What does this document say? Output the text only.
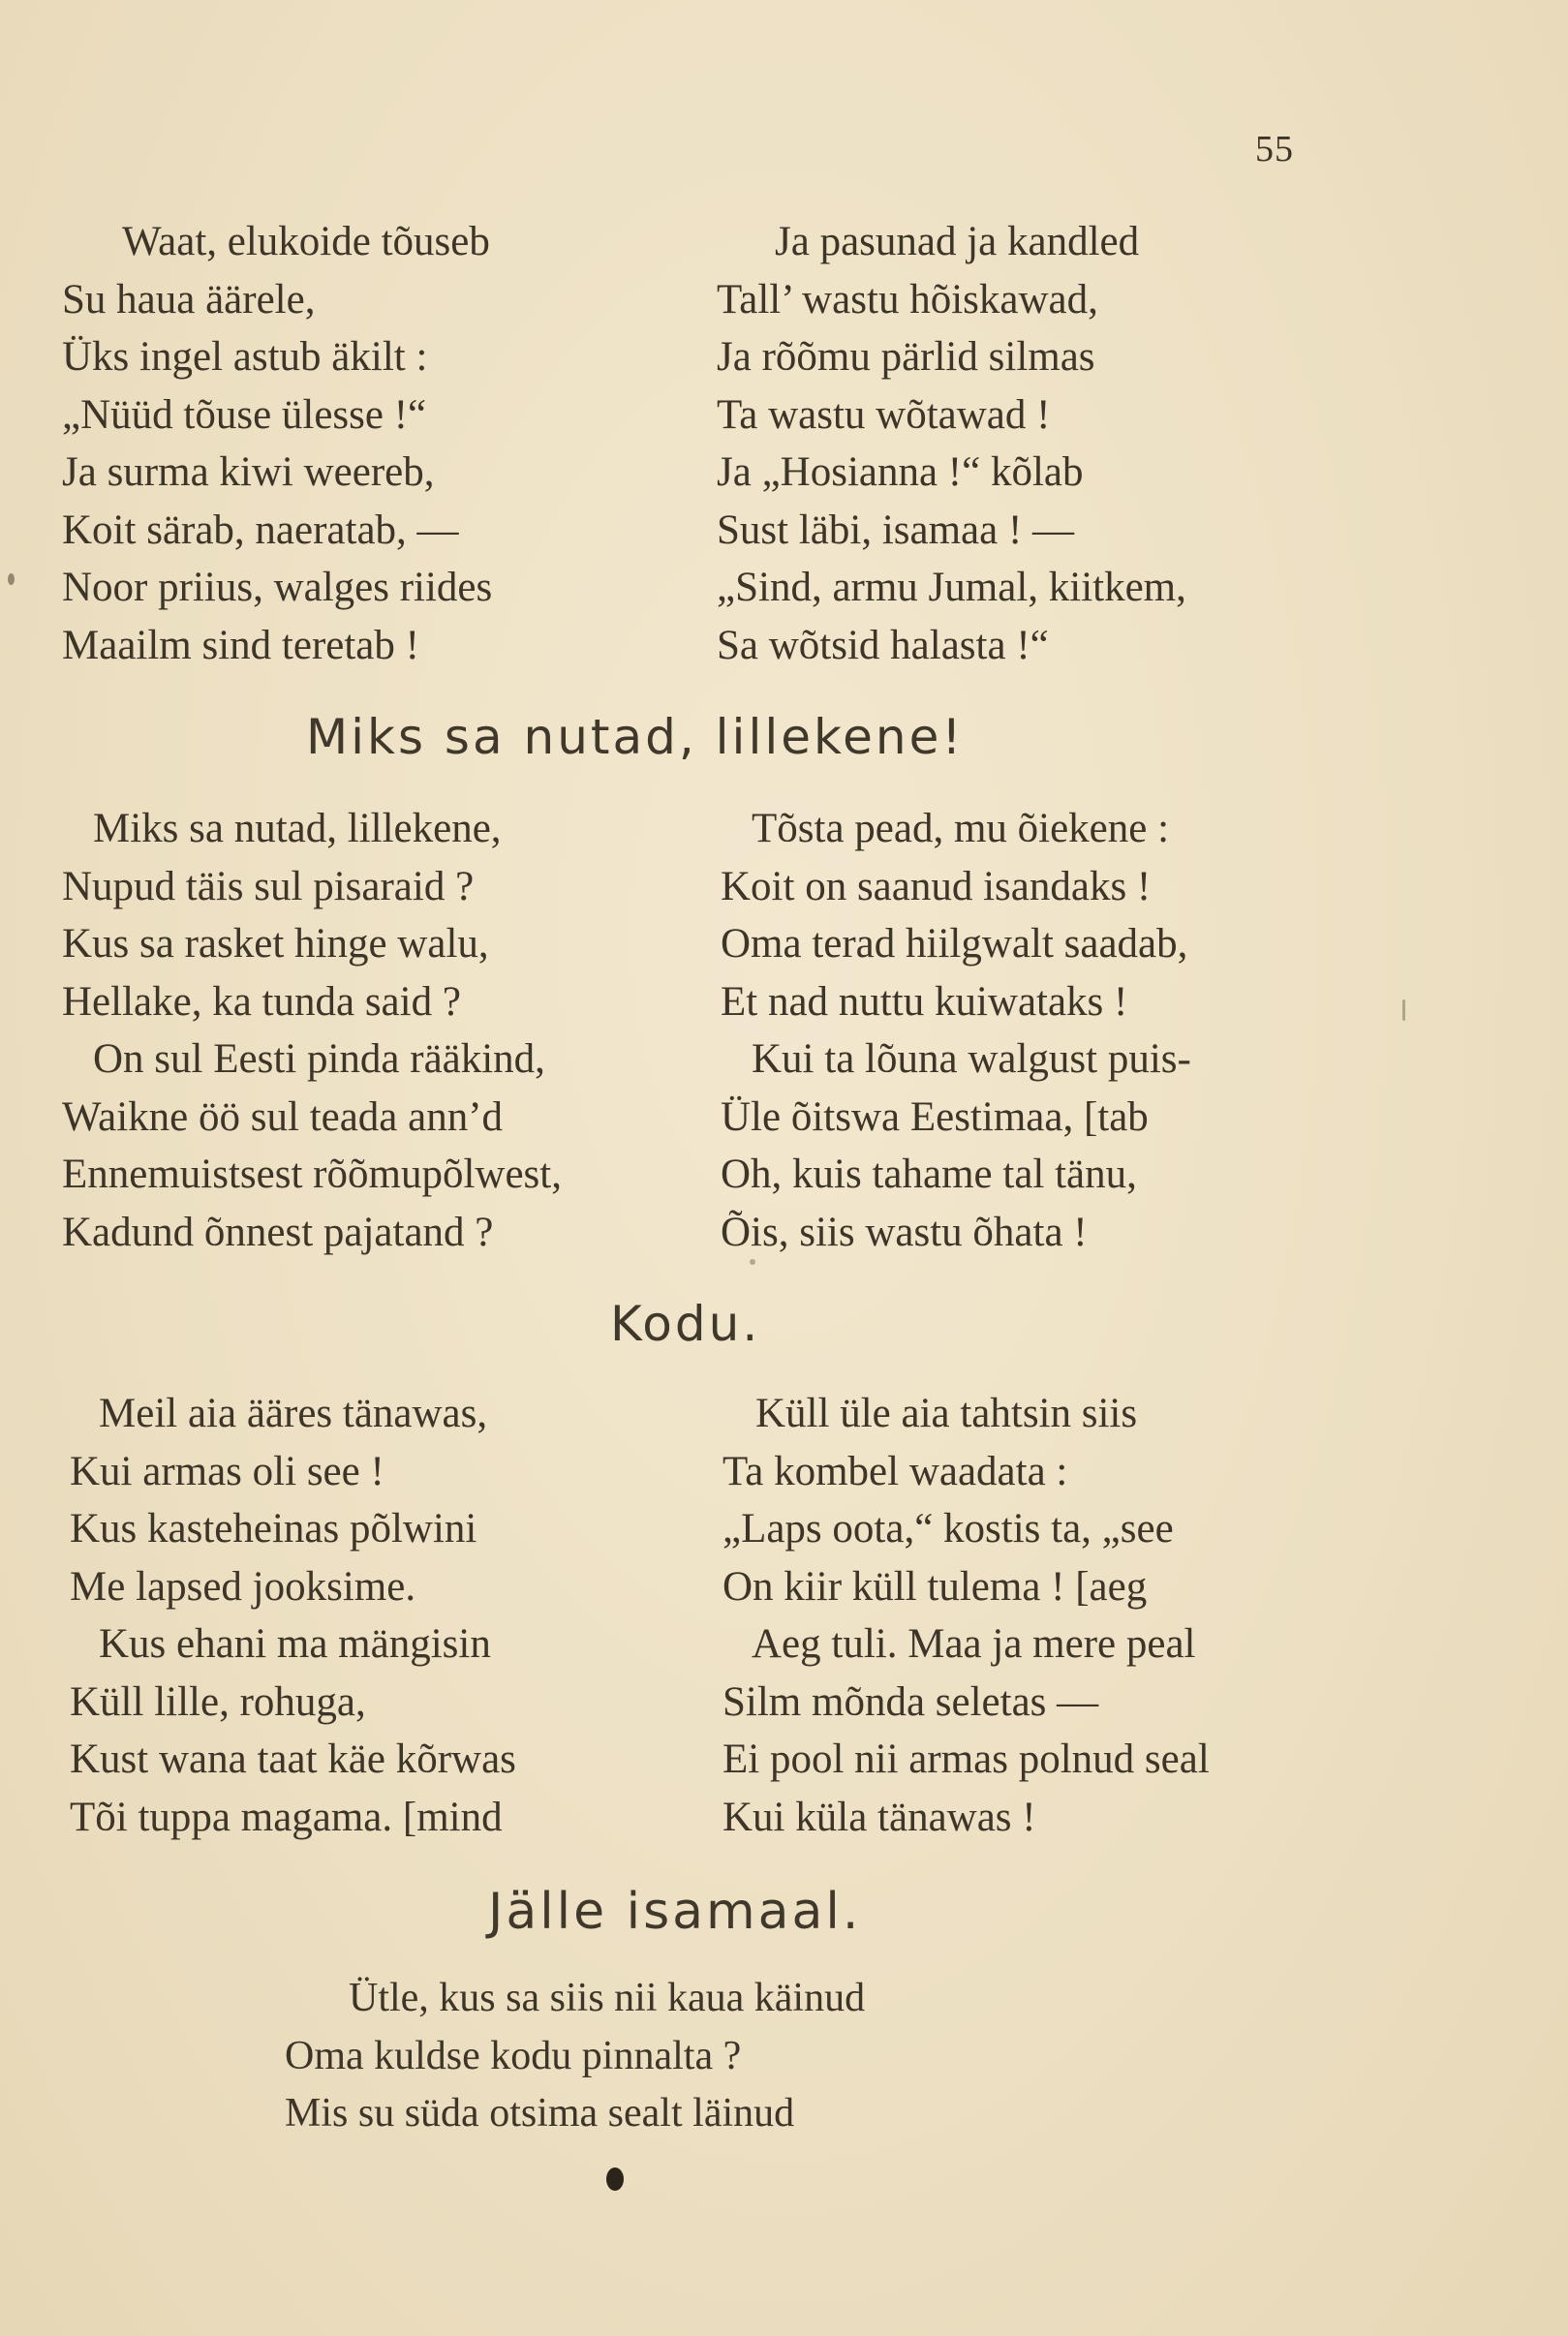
55
Waat, elukoide tõuseb
Su haua äärele,
Üks ingel astub äkilt :
„Nüüd tõuse ülesse !“
Ja surma kiwi weereb,
Koit särab, naeratab, —
Noor priius, walges riides
Maailm sind teretab !
Ja pasunad ja kandled
Tall’ wastu hõiskawad,
Ja rõõmu pärlid silmas
Ta wastu wõtawad !
Ja „Hosianna !“ kõlab
Sust läbi, isamaa ! —
„Sind, armu Jumal, kiitkem,
Sa wõtsid halasta !“
Miks sa nutad, lillekene!
Miks sa nutad, lillekene,
Nupud täis sul pisaraid ?
Kus sa rasket hinge walu,
Hellake, ka tunda said ?
On sul Eesti pinda rääkind,
Waikne öö sul teada ann’d
Ennemuistsest rõõmupõlwest,
Kadund õnnest pajatand ?
Tõsta pead, mu õiekene :
Koit on saanud isandaks !
Oma terad hiilgwalt saadab,
Et nad nuttu kuiwataks !
Kui ta lõuna walgust puis-
Üle õitswa Eestimaa, [tab
Oh, kuis tahame tal tänu,
Õis, siis wastu õhata !
Kodu.
Meil aia ääres tänawas,
Kui armas oli see !
Kus kasteheinas põlwini
Me lapsed jooksime.
Kus ehani ma mängisin
Küll lille, rohuga,
Kust wana taat käe kõrwas
Tõi tuppa magama. [mind
Küll üle aia tahtsin siis
Ta kombel waadata :
„Laps oota,“ kostis ta, „see
On kiir küll tulema ! [aeg
Aeg tuli. Maa ja mere peal
Silm mõnda seletas —
Ei pool nii armas polnud seal
Kui küla tänawas !
Jälle isamaal.
Ütle, kus sa siis nii kaua käinud
Oma kuldse kodu pinnalta ?
Mis su süda otsima sealt läinud
